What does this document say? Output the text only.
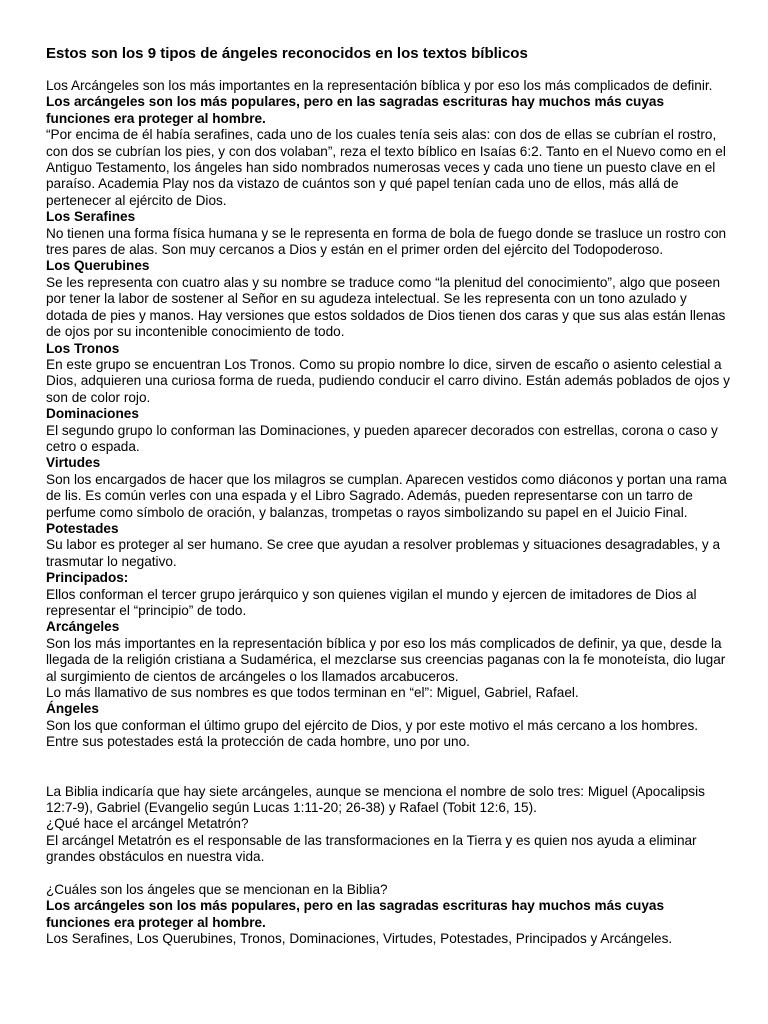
Estos son los 9 tipos de ángeles reconocidos en los textos bíblicos

Los Arcángeles son los más importantes en la representación bíblica y por eso los más complicados de definir.

Los arcángeles son los más populares, pero en las sagradas escrituras hay muchos más cuyas funciones era proteger al hombre.

“Por encima de él había serafines, cada uno de los cuales tenía seis alas: con dos de ellas se cubrían el rostro, con dos se cubrían los pies, y con dos volaban”, reza el texto bíblico en Isaías 6:2. Tanto en el Nuevo como en el Antiguo Testamento, los ángeles han sido nombrados numerosas veces y cada uno tiene un puesto clave en el paraíso. Academia Play nos da vistazo de cuántos son y qué papel tenían cada uno de ellos, más allá de pertenecer al ejército de Dios.

Los Serafines

No tienen una forma física humana y se le representa en forma de bola de fuego donde se trasluce un rostro con tres pares de alas. Son muy cercanos a Dios y están en el primer orden del ejército del Todopoderoso.

Los Querubines

Se les representa con cuatro alas y su nombre se traduce como “la plenitud del conocimiento”, algo que poseen por tener la labor de sostener al Señor en su agudeza intelectual. Se les representa con un tono azulado y dotada de pies y manos. Hay versiones que estos soldados de Dios tienen dos caras y que sus alas están llenas de ojos por su incontenible conocimiento de todo.

Los Tronos

En este grupo se encuentran Los Tronos. Como su propio nombre lo dice, sirven de escaño o asiento celestial a Dios, adquieren una curiosa forma de rueda, pudiendo conducir el carro divino. Están además poblados de ojos y son de color rojo.

Dominaciones

El segundo grupo lo conforman las Dominaciones, y pueden aparecer decorados con estrellas, corona o caso y cetro o espada.

Virtudes

Son los encargados de hacer que los milagros se cumplan. Aparecen vestidos como diáconos y portan una rama de lis. Es común verles con una espada y el Libro Sagrado. Además, pueden representarse con un tarro de perfume como símbolo de oración, y balanzas, trompetas o rayos simbolizando su papel en el Juicio Final.

Potestades

Su labor es proteger al ser humano. Se cree que ayudan a resolver problemas y situaciones desagradables, y a trasmutar lo negativo.

Principados:

Ellos conforman el tercer grupo jerárquico y son quienes vigilan el mundo y ejercen de imitadores de Dios al representar el “principio” de todo.

Arcángeles

Son los más importantes en la representación bíblica y por eso los más complicados de definir, ya que, desde la llegada de la religión cristiana a Sudamérica, el mezclarse sus creencias paganas con la fe monoteísta, dio lugar al surgimiento de cientos de arcángeles o los llamados arcabuceros.

Lo más llamativo de sus nombres es que todos terminan en “el”: Miguel, Gabriel, Rafael.

Ángeles

Son los que conforman el último grupo del ejército de Dios, y por este motivo el más cercano a los hombres. Entre sus potestades está la protección de cada hombre, uno por uno.

La Biblia indicaría que hay siete arcángeles, aunque se menciona el nombre de solo tres: Miguel (Apocalipsis 12:7-9), Gabriel (Evangelio según Lucas 1:11-20; 26-38) y Rafael (Tobit 12:6, 15).

¿Qué hace el arcángel Metatrón?

El arcángel Metatrón es el responsable de las transformaciones en la Tierra y es quien nos ayuda a eliminar grandes obstáculos en nuestra vida.

¿Cuáles son los ángeles que se mencionan en la Biblia?

Los arcángeles son los más populares, pero en las sagradas escrituras hay muchos más cuyas funciones era proteger al hombre.

Los Serafines, Los Querubines, Tronos, Dominaciones, Virtudes, Potestades, Principados y Arcángeles.
